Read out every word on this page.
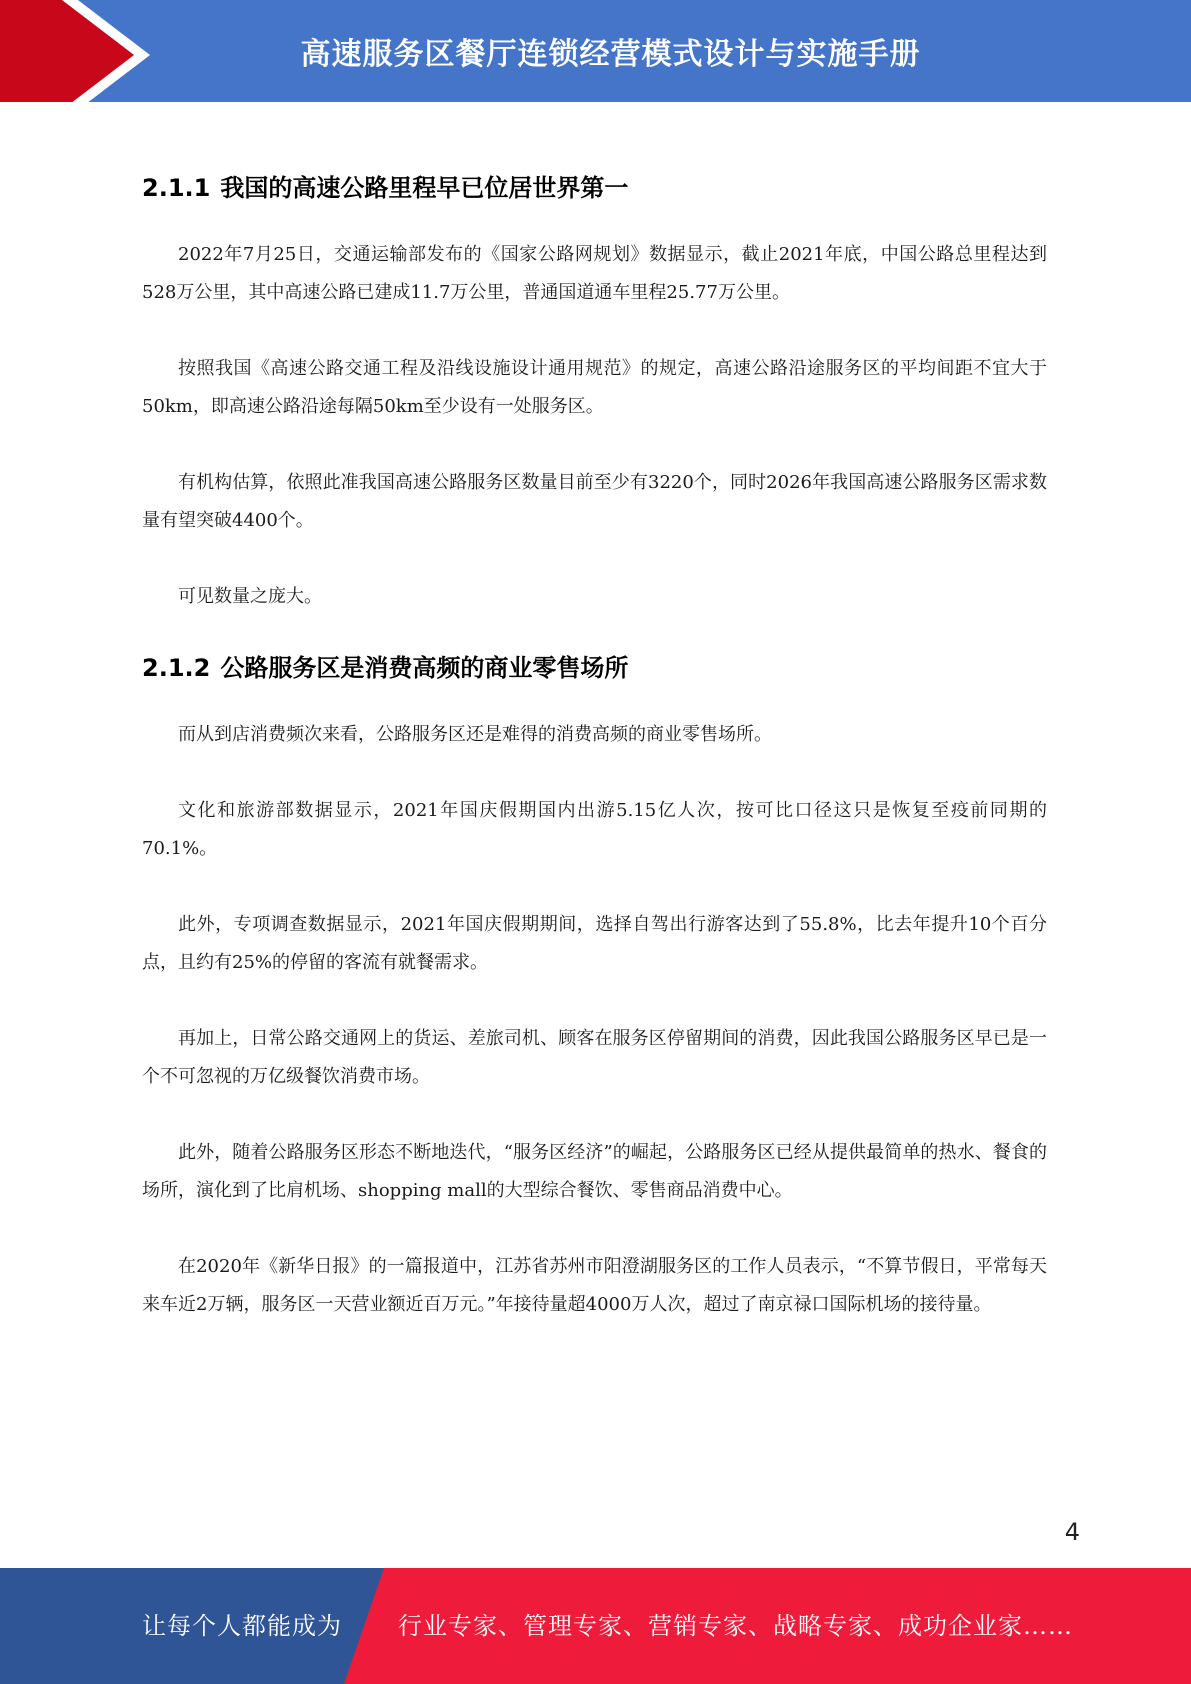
高速服务区餐厅连锁经营模式设计与实施手册
2.1.1 我国的高速公路里程早已位居世界第一

2022年7月25日，交通运输部发布的《国家公路网规划》数据显示，截止2021年底，中国公路总里程达到528万公里，其中高速公路已建成11.7万公里，普通国道通车里程25.77万公里。

按照我国《高速公路交通工程及沿线设施设计通用规范》的规定，高速公路沿途服务区的平均间距不宜大于50km，即高速公路沿途每隔50km至少设有一处服务区。

有机构估算，依照此准我国高速公路服务区数量目前至少有3220个，同时2026年我国高速公路服务区需求数量有望突破4400个。

可见数量之庞大。

2.1.2 公路服务区是消费高频的商业零售场所

而从到店消费频次来看，公路服务区还是难得的消费高频的商业零售场所。

文化和旅游部数据显示，2021年国庆假期国内出游5.15亿人次，按可比口径这只是恢复至疫前同期的70.1%。

此外，专项调查数据显示，2021年国庆假期期间，选择自驾出行游客达到了55.8%，比去年提升10个百分点，且约有25%的停留的客流有就餐需求。

再加上，日常公路交通网上的货运、差旅司机、顾客在服务区停留期间的消费，因此我国公路服务区早已是一个不可忽视的万亿级餐饮消费市场。

此外，随着公路服务区形态不断地迭代，“服务区经济”的崛起，公路服务区已经从提供最简单的热水、餐食的场所，演化到了比肩机场、shopping mall的大型综合餐饮、零售商品消费中心。

在2020年《新华日报》的一篇报道中，江苏省苏州市阳澄湖服务区的工作人员表示，“不算节假日，平常每天来车近2万辆，服务区一天营业额近百万元。”年接待量超4000万人次，超过了南京禄口国际机场的接待量。

4
让每个人都能成为 行业专家、管理专家、营销专家、战略专家、成功企业家……
